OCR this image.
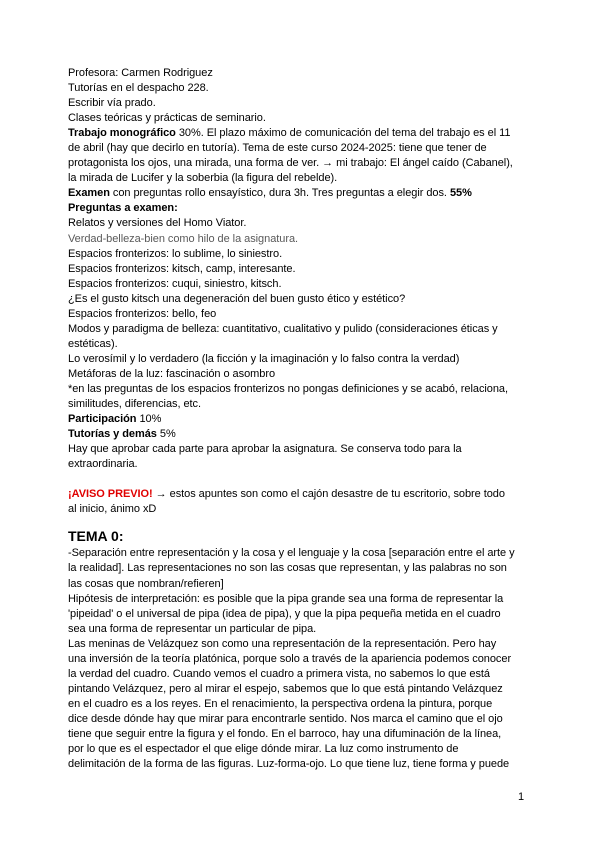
Profesora: Carmen Rodriguez
Tutorías en el despacho 228.
Escribir vía prado.
Clases teóricas y prácticas de seminario.
Trabajo monográfico 30%. El plazo máximo de comunicación del tema del trabajo es el 11
de abril (hay que decirlo en tutoría). Tema de este curso 2024-2025: tiene que tener de
protagonista los ojos, una mirada, una forma de ver. → mi trabajo: El ángel caído (Cabanel),
la mirada de Lucifer y la soberbia (la figura del rebelde).
Examen con preguntas rollo ensayístico, dura 3h. Tres preguntas a elegir dos. 55%
Preguntas a examen:
Relatos y versiones del Homo Viator.
Verdad-belleza-bien como hilo de la asignatura.
Espacios fronterizos: lo sublime, lo siniestro.
Espacios fronterizos: kitsch, camp, interesante.
Espacios fronterizos: cuqui, siniestro, kitsch.
¿Es el gusto kitsch una degeneración del buen gusto ético y estético?
Espacios fronterizos: bello, feo
Modos y paradigma de belleza: cuantitativo, cualitativo y pulido (consideraciones éticas y
estéticas).
Lo verosímil y lo verdadero (la ficción y la imaginación y lo falso contra la verdad)
Metáforas de la luz: fascinación o asombro
*en las preguntas de los espacios fronterizos no pongas definiciones y se acabó, relaciona,
similitudes, diferencias, etc.
Participación 10%
Tutorías y demás 5%
Hay que aprobar cada parte para aprobar la asignatura. Se conserva todo para la
extraordinaria.
¡AVISO PREVIO! → estos apuntes son como el cajón desastre de tu escritorio, sobre todo
al inicio, ánimo xD
TEMA 0:
-Separación entre representación y la cosa y el lenguaje y la cosa [separación entre el arte y
la realidad]. Las representaciones no son las cosas que representan, y las palabras no son
las cosas que nombran/refieren]
Hipótesis de interpretación: es posible que la pipa grande sea una forma de representar la
'pipeidad' o el universal de pipa (idea de pipa), y que la pipa pequeña metida en el cuadro
sea una forma de representar un particular de pipa.
Las meninas de Velázquez son como una representación de la representación. Pero hay
una inversión de la teoría platónica, porque solo a través de la apariencia podemos conocer
la verdad del cuadro. Cuando vemos el cuadro a primera vista, no sabemos lo que está
pintando Velázquez, pero al mirar el espejo, sabemos que lo que está pintando Velázquez
en el cuadro es a los reyes. En el renacimiento, la perspectiva ordena la pintura, porque
dice desde dónde hay que mirar para encontrarle sentido. Nos marca el camino que el ojo
tiene que seguir entre la figura y el fondo. En el barroco, hay una difuminación de la línea,
por lo que es el espectador el que elige dónde mirar. La luz como instrumento de
delimitación de la forma de las figuras. Luz-forma-ojo. Lo que tiene luz, tiene forma y puede
1
